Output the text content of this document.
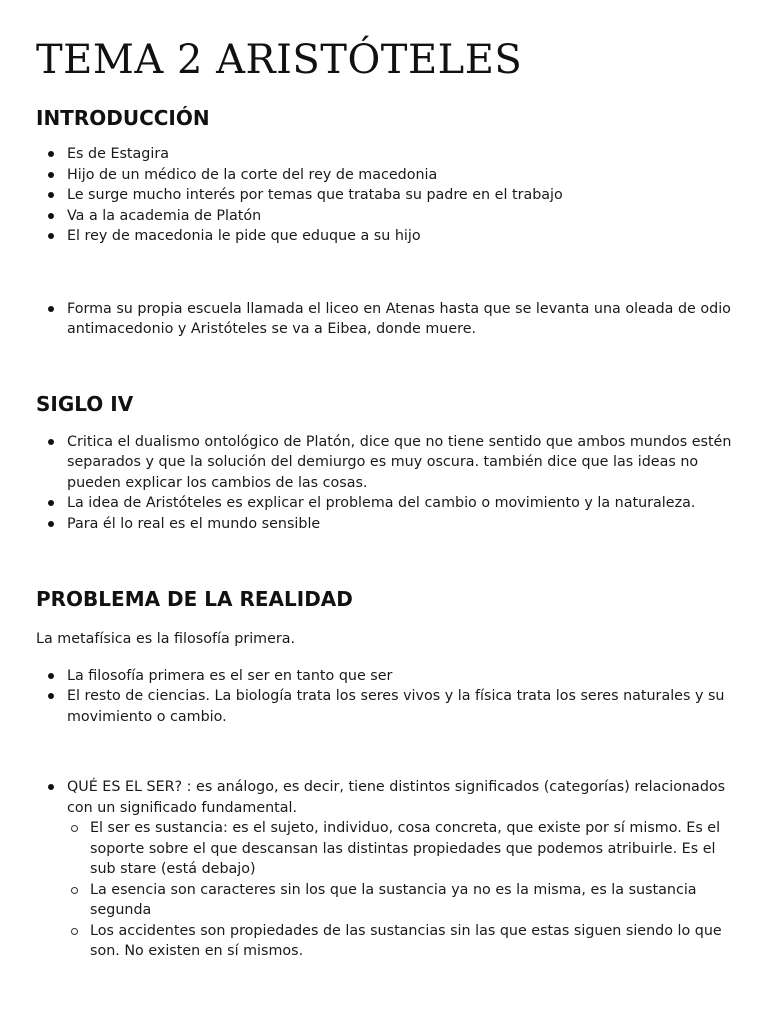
TEMA 2 ARISTÓTELES
INTRODUCCIÓN
Es de Estagira
Hijo de un médico de la corte del rey de macedonia
Le surge mucho interés por temas que trataba su padre en el trabajo
Va a la academia de Platón
El rey de macedonia le pide que eduque a su hijo
Forma su propia escuela llamada el liceo en Atenas hasta que se levanta una oleada de odio antimacedonio y Aristóteles se va a Eibea, donde muere.
SIGLO IV
Critica el dualismo ontológico de Platón, dice que no tiene sentido que ambos mundos estén separados y que la solución del demiurgo es muy oscura. también dice que las ideas no pueden explicar los cambios de las cosas.
La idea de Aristóteles es explicar el problema del cambio o movimiento y la naturaleza.
Para él lo real es el mundo sensible
PROBLEMA DE LA REALIDAD

La metafísica es la filosofía primera.

La filosofía primera es el ser en tanto que ser
El resto de ciencias. La biología trata los seres vivos y la física trata los seres naturales y su movimiento o cambio.
QUÉ ES EL SER? : es análogo, es decir, tiene distintos significados (categorías) relacionados con un significado fundamental.
El ser es sustancia: es el sujeto, individuo, cosa concreta, que existe por sí mismo. Es el soporte sobre el que descansan las distintas propiedades que podemos atribuirle. Es el sub stare (está debajo)
La esencia son caracteres sin los que la sustancia ya no es la misma, es la sustancia segunda
Los accidentes son propiedades de las sustancias sin las que estas siguen siendo lo que son. No existen en sí mismos.
